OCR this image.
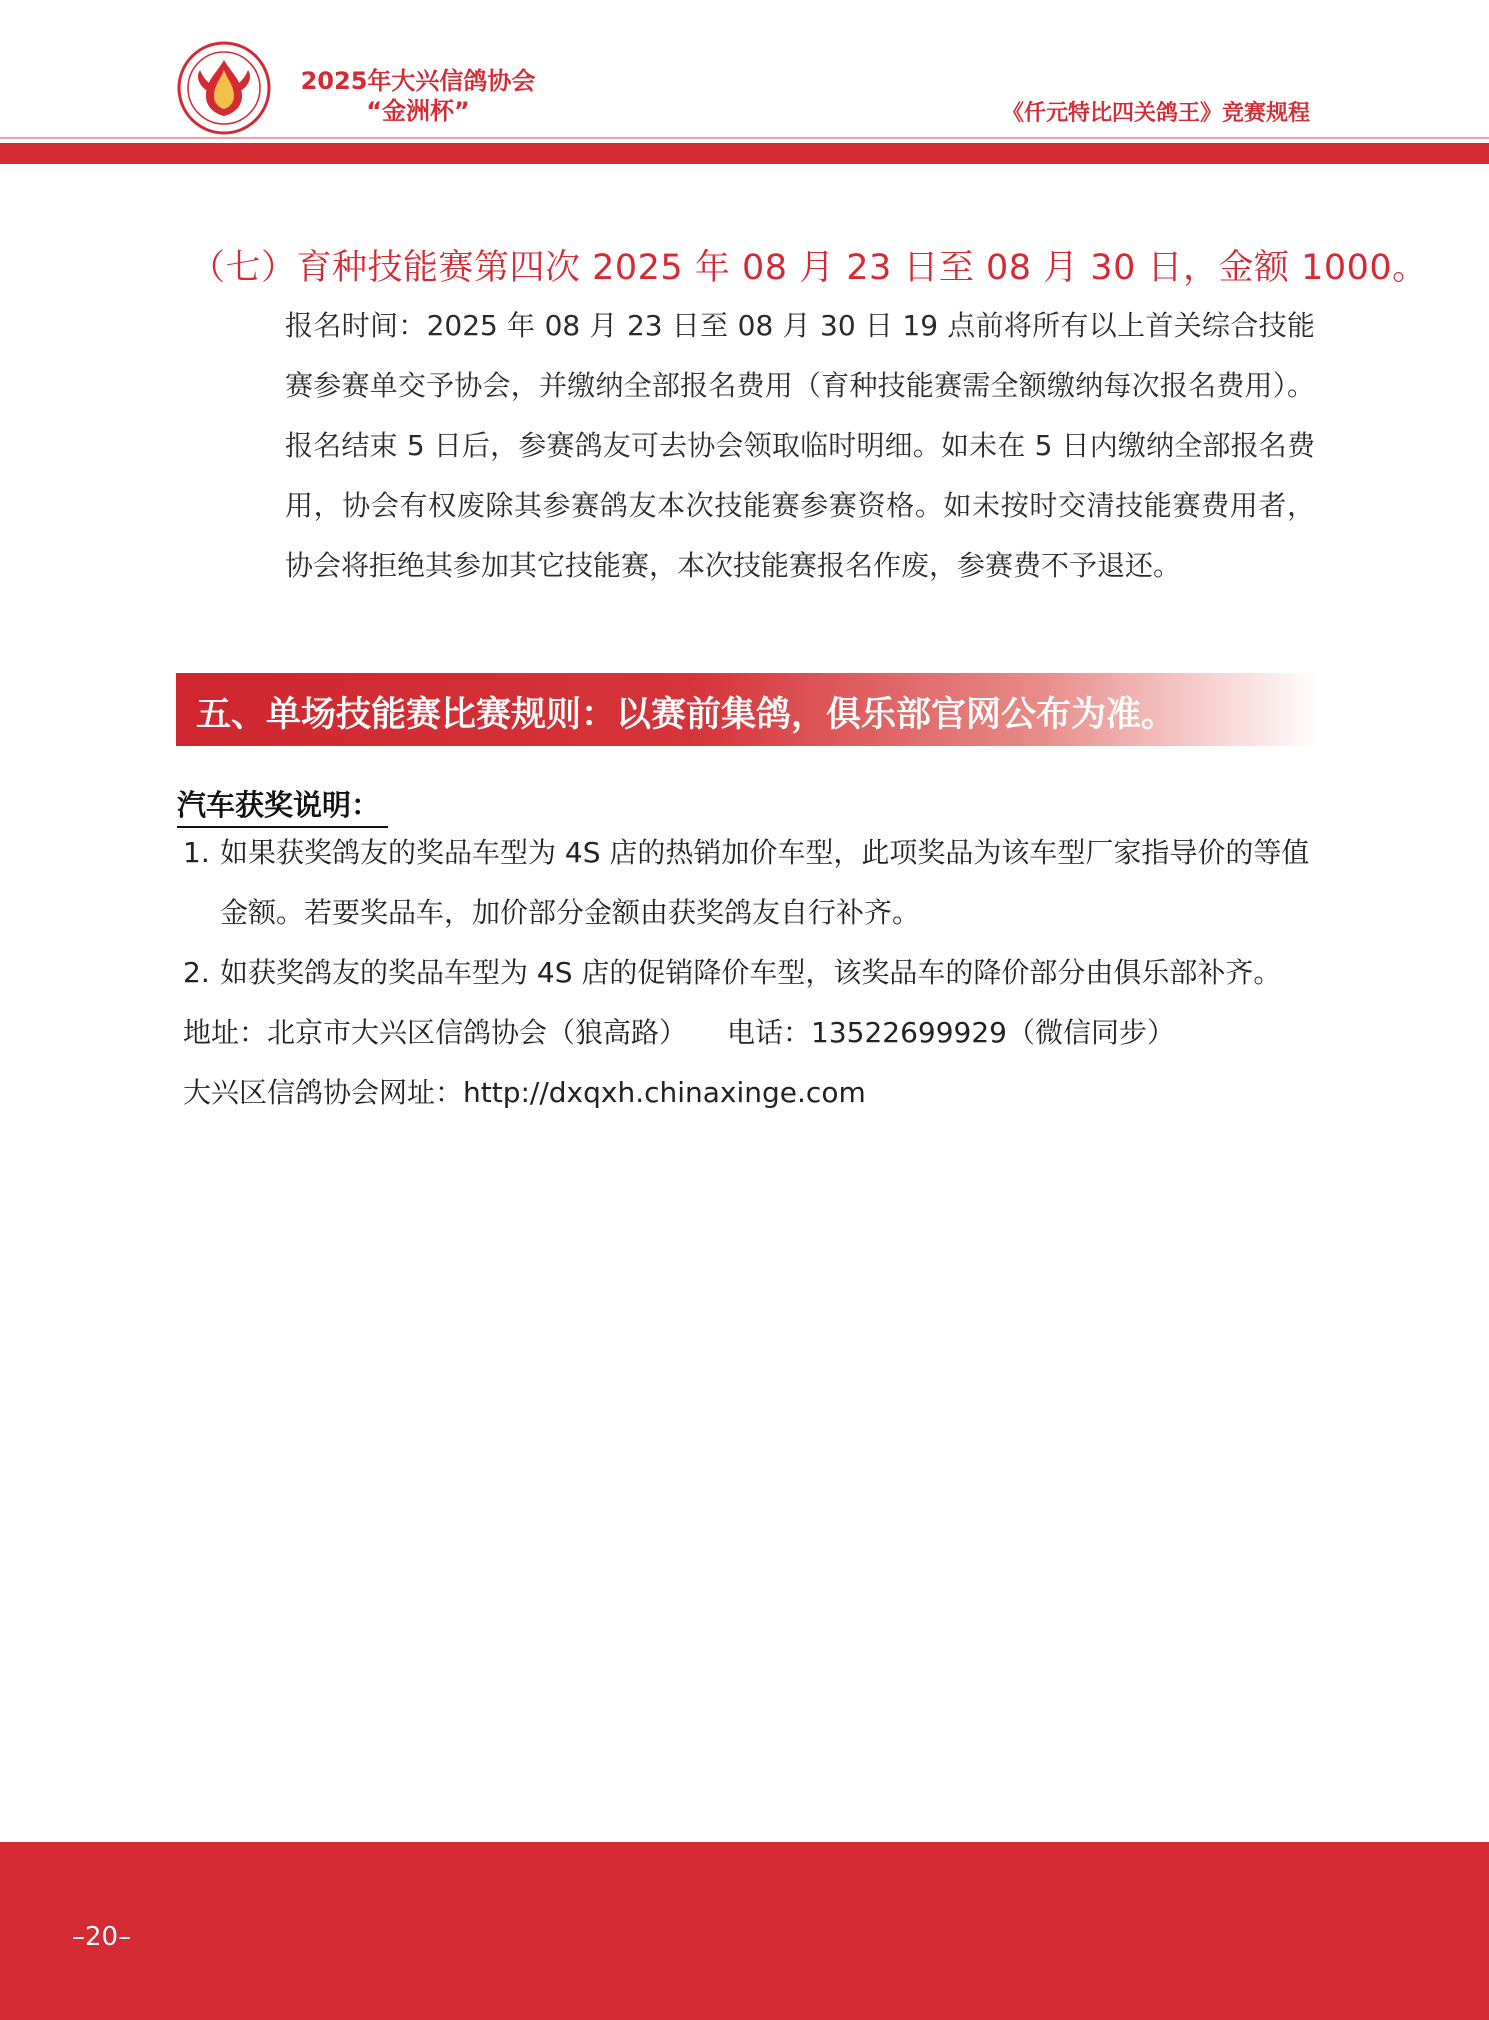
2025年大兴信鸽协会
“金洲杯”	《仟元特比四关鸽王》竞赛规程
（七）育种技能赛第四次 2025 年 08 月 23 日至 08 月 30 日，金额 1000。
报名时间：2025 年 08 月 23 日至 08 月 30 日 19 点前将所有以上首关综合技能赛参赛单交予协会，并缴纳全部报名费用（育种技能赛需全额缴纳每次报名费用）。报名结束 5 日后，参赛鸽友可去协会领取临时明细。如未在 5 日内缴纳全部报名费用，协会有权废除其参赛鸽友本次技能赛参赛资格。如未按时交清技能赛费用者，协会将拒绝其参加其它技能赛，本次技能赛报名作废，参赛费不予退还。
五、单场技能赛比赛规则：以赛前集鸽，俱乐部官网公布为准。
汽车获奖说明：
1. 如果获奖鸽友的奖品车型为 4S 店的热销加价车型，此项奖品为该车型厂家指导价的等值金额。若要奖品车，加价部分金额由获奖鸽友自行补齐。
2. 如获奖鸽友的奖品车型为 4S 店的促销降价车型，该奖品车的降价部分由俱乐部补齐。
地址：北京市大兴区信鸽协会（狼高路） 电话：13522699929（微信同步）
大兴区信鸽协会网址：http://dxqxh.chinaxinge.com
–20–
